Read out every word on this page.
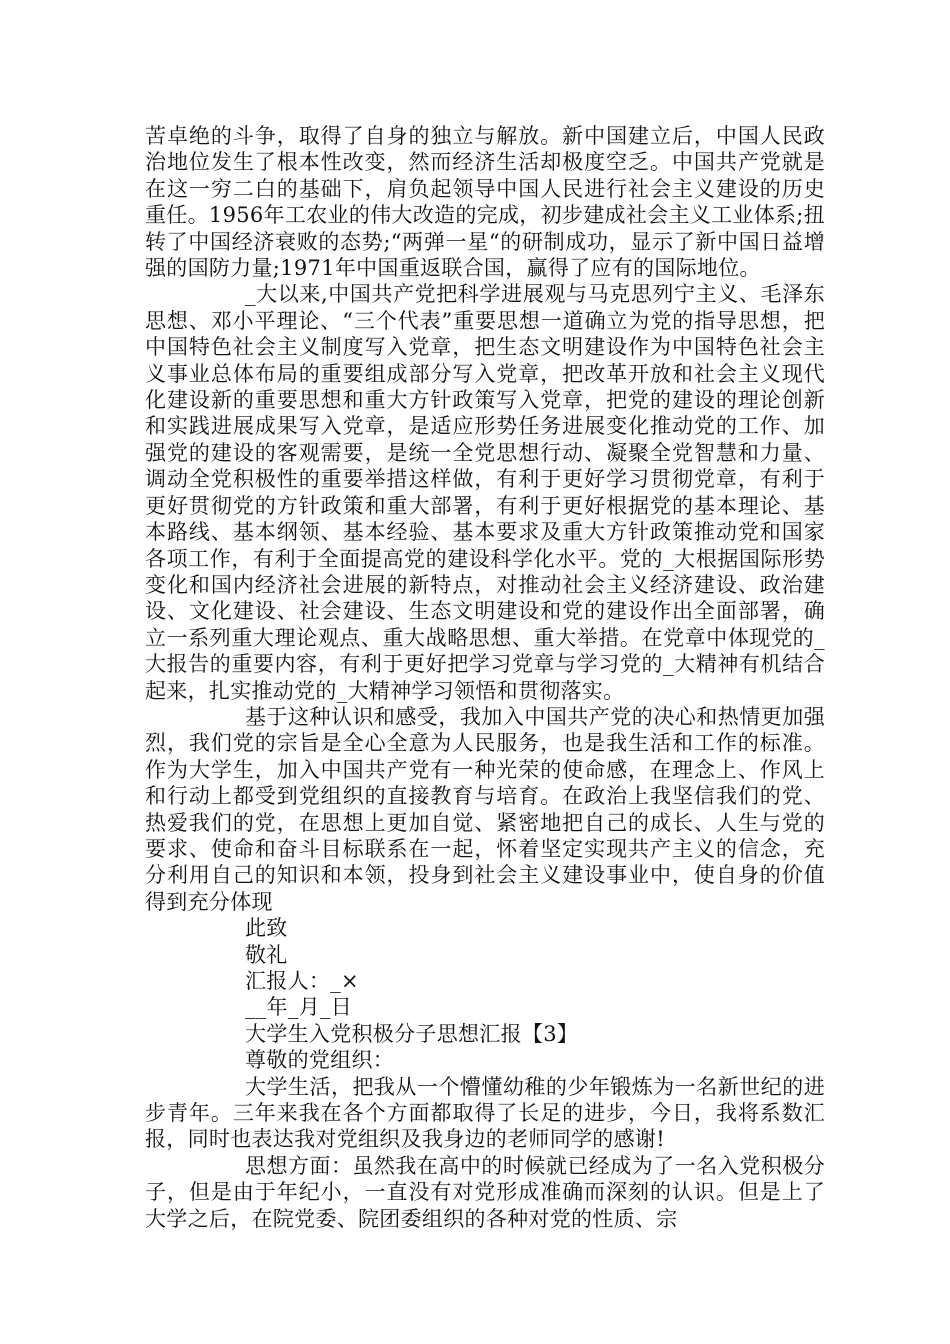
苦卓绝的斗争，取得了自身的独立与解放。新中国建立后，中国人民政治地位发生了根本性改变，然而经济生活却极度空乏。中国共产党就是在这一穷二白的基础下，肩负起领导中国人民进行社会主义建设的历史重任。1956年工农业的伟大改造的完成，初步建成社会主义工业体系;扭转了中国经济衰败的态势;“两弹一星“的研制成功，显示了新中国日益增强的国防力量;1971年中国重返联合国，赢得了应有的国际地位。

_大以来,中国共产党把科学进展观与马克思列宁主义、毛泽东思想、邓小平理论、“三个代表”重要思想一道确立为党的指导思想，把中国特色社会主义制度写入党章，把生态文明建设作为中国特色社会主义事业总体布局的重要组成部分写入党章，把改革开放和社会主义现代化建设新的重要思想和重大方针政策写入党章，把党的建设的理论创新和实践进展成果写入党章，是适应形势任务进展变化推动党的工作、加强党的建设的客观需要，是统一全党思想行动、凝聚全党智慧和力量、调动全党积极性的重要举措这样做，有利于更好学习贯彻党章，有利于更好贯彻党的方针政策和重大部署，有利于更好根据党的基本理论、基本路线、基本纲领、基本经验、基本要求及重大方针政策推动党和国家各项工作，有利于全面提高党的建设科学化水平。党的_大根据国际形势变化和国内经济社会进展的新特点，对推动社会主义经济建设、政治建设、文化建设、社会建设、生态文明建设和党的建设作出全面部署，确立一系列重大理论观点、重大战略思想、重大举措。在党章中体现党的_大报告的重要内容，有利于更好把学习党章与学习党的_大精神有机结合起来，扎实推动党的_大精神学习领悟和贯彻落实。

基于这种认识和感受，我加入中国共产党的决心和热情更加强烈，我们党的宗旨是全心全意为人民服务，也是我生活和工作的标准。作为大学生，加入中国共产党有一种光荣的使命感，在理念上、作风上和行动上都受到党组织的直接教育与培育。在政治上我坚信我们的党、热爱我们的党，在思想上更加自觉、紧密地把自己的成长、人生与党的要求、使命和奋斗目标联系在一起，怀着坚定实现共产主义的信念，充分利用自己的知识和本领，投身到社会主义建设事业中，使自身的价值得到充分体现

此致

敬礼

汇报人：_×

__年_月_日

大学生入党积极分子思想汇报【3】

尊敬的党组织：

大学生活，把我从一个懵懂幼稚的少年锻炼为一名新世纪的进步青年。三年来我在各个方面都取得了长足的进步，今日，我将系数汇报，同时也表达我对党组织及我身边的老师同学的感谢!

思想方面：虽然我在高中的时候就已经成为了一名入党积极分子，但是由于年纪小，一直没有对党形成准确而深刻的认识。但是上了大学之后，在院党委、院团委组织的各种对党的性质、宗
